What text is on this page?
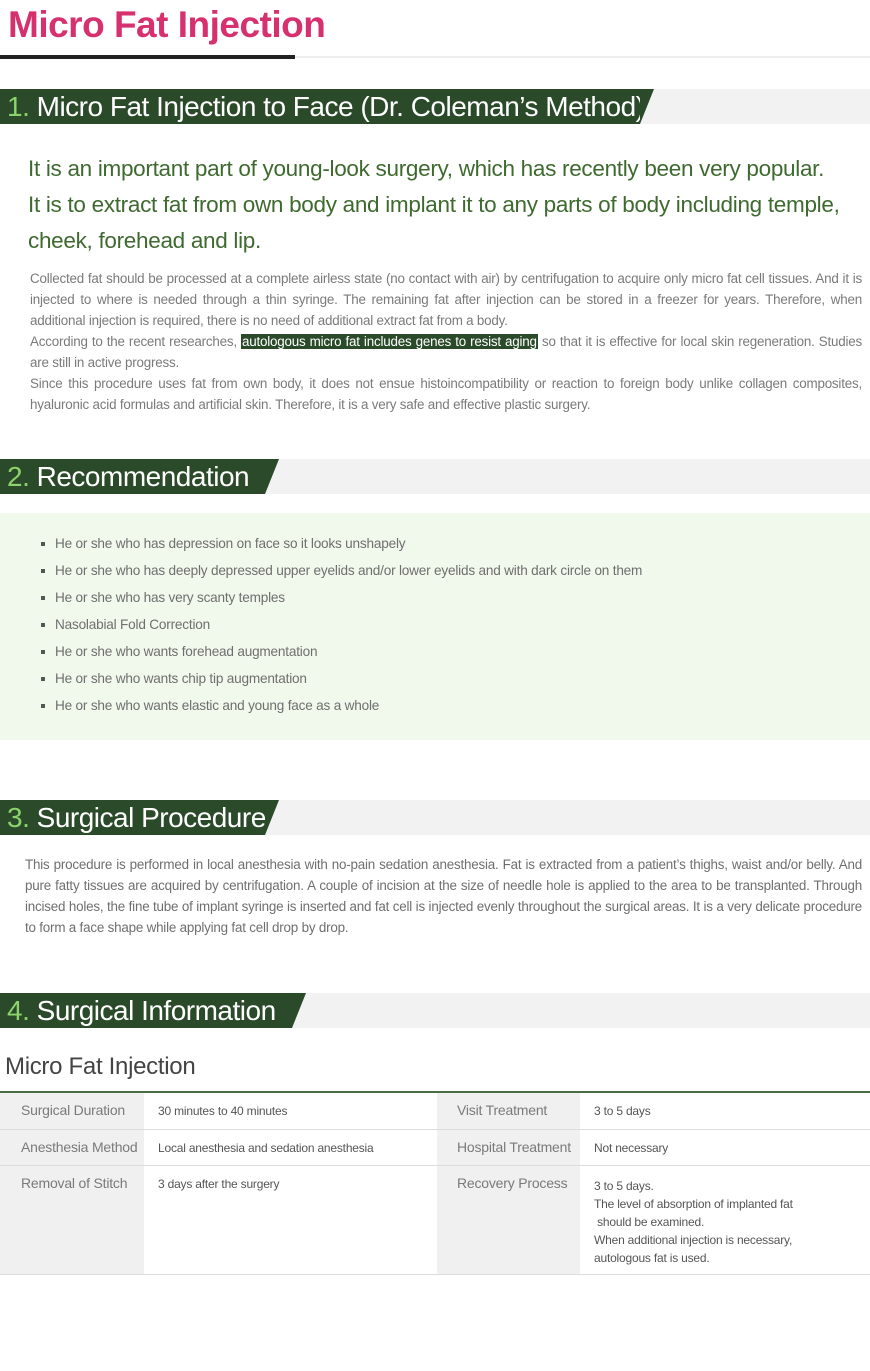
Micro Fat Injection
1. Micro Fat Injection to Face (Dr. Coleman’s Method)
It is an important part of young-look surgery, which has recently been very popular.
It is to extract fat from own body and implant it to any parts of body including temple, cheek, forehead and lip.
Collected fat should be processed at a complete airless state (no contact with air) by centrifugation to acquire only micro fat cell tissues. And it is injected to where is needed through a thin syringe. The remaining fat after injection can be stored in a freezer for years. Therefore, when additional injection is required, there is no need of additional extract fat from a body.
According to the recent researches, autologous micro fat includes genes to resist aging so that it is effective for local skin regeneration. Studies are still in active progress.
Since this procedure uses fat from own body, it does not ensue histoincompatibility or reaction to foreign body unlike collagen composites, hyaluronic acid formulas and artificial skin. Therefore, it is a very safe and effective plastic surgery.
2. Recommendation
He or she who has depression on face so it looks unshapely
He or she who has deeply depressed upper eyelids and/or lower eyelids and with dark circle on them
He or she who has very scanty temples
Nasolabial Fold Correction
He or she who wants forehead augmentation
He or she who wants chip tip augmentation
He or she who wants elastic and young face as a whole
3. Surgical Procedure
This procedure is performed in local anesthesia with no-pain sedation anesthesia. Fat is extracted from a patient’s thighs, waist and/or belly. And pure fatty tissues are acquired by centrifugation. A couple of incision at the size of needle hole is applied to the area to be transplanted. Through incised holes, the fine tube of implant syringe is inserted and fat cell is injected evenly throughout the surgical areas. It is a very delicate procedure to form a face shape while applying fat cell drop by drop.
4. Surgical Information
Micro Fat Injection
Surgical Duration	30 minutes to 40 minutes	Visit Treatment	3 to 5 days
Anesthesia Method	Local anesthesia and sedation anesthesia	Hospital Treatment	Not necessary
Removal of Stitch	3 days after the surgery	Recovery Process	3 to 5 days.
The level of absorption of implanted fat
should be examined.
When additional injection is necessary,
autologous fat is used.
